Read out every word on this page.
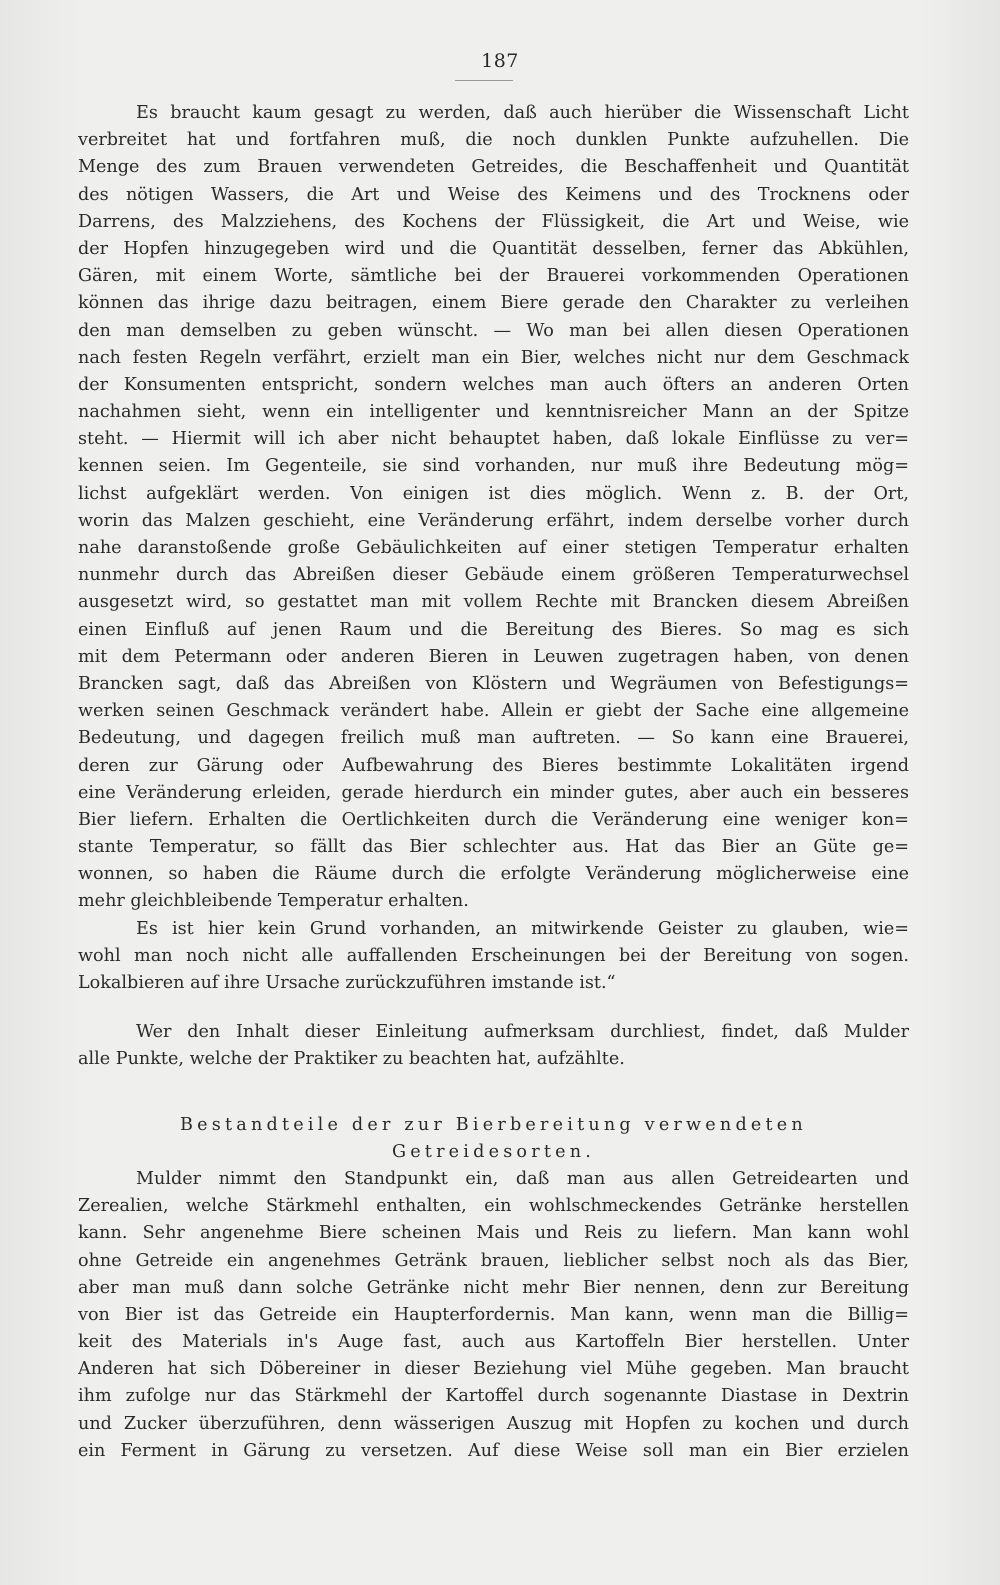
187
Es braucht kaum gesagt zu werden, daß auch hierüber die Wissenschaft Licht
verbreitet hat und fortfahren muß, die noch dunklen Punkte aufzuhellen. Die
Menge des zum Brauen verwendeten Getreides, die Beschaffenheit und Quantität
des nötigen Wassers, die Art und Weise des Keimens und des Trocknens oder
Darrens, des Malzziehens, des Kochens der Flüssigkeit, die Art und Weise, wie
der Hopfen hinzugegeben wird und die Quantität desselben, ferner das Abkühlen,
Gären, mit einem Worte, sämtliche bei der Brauerei vorkommenden Operationen
können das ihrige dazu beitragen, einem Biere gerade den Charakter zu verleihen
den man demselben zu geben wünscht. — Wo man bei allen diesen Operationen
nach festen Regeln verfährt, erzielt man ein Bier, welches nicht nur dem Geschmack
der Konsumenten entspricht, sondern welches man auch öfters an anderen Orten
nachahmen sieht, wenn ein intelligenter und kenntnisreicher Mann an der Spitze
steht. — Hiermit will ich aber nicht behauptet haben, daß lokale Einflüsse zu ver=
kennen seien. Im Gegenteile, sie sind vorhanden, nur muß ihre Bedeutung mög=
lichst aufgeklärt werden. Von einigen ist dies möglich. Wenn z. B. der Ort,
worin das Malzen geschieht, eine Veränderung erfährt, indem derselbe vorher durch
nahe daranstoßende große Gebäulichkeiten auf einer stetigen Temperatur erhalten
nunmehr durch das Abreißen dieser Gebäude einem größeren Temperaturwechsel
ausgesetzt wird, so gestattet man mit vollem Rechte mit Brancken diesem Abreißen
einen Einfluß auf jenen Raum und die Bereitung des Bieres. So mag es sich
mit dem Petermann oder anderen Bieren in Leuwen zugetragen haben, von denen
Brancken sagt, daß das Abreißen von Klöstern und Wegräumen von Befestigungs=
werken seinen Geschmack verändert habe. Allein er giebt der Sache eine allgemeine
Bedeutung, und dagegen freilich muß man auftreten. — So kann eine Brauerei,
deren zur Gärung oder Aufbewahrung des Bieres bestimmte Lokalitäten irgend
eine Veränderung erleiden, gerade hierdurch ein minder gutes, aber auch ein besseres
Bier liefern. Erhalten die Oertlichkeiten durch die Veränderung eine weniger kon=
stante Temperatur, so fällt das Bier schlechter aus. Hat das Bier an Güte ge=
wonnen, so haben die Räume durch die erfolgte Veränderung möglicherweise eine
mehr gleichbleibende Temperatur erhalten.
Es ist hier kein Grund vorhanden, an mitwirkende Geister zu glauben, wie=
wohl man noch nicht alle auffallenden Erscheinungen bei der Bereitung von sogen.
Lokalbieren auf ihre Ursache zurückzuführen imstande ist.“
Wer den Inhalt dieser Einleitung aufmerksam durchliest, findet, daß Mulder
alle Punkte, welche der Praktiker zu beachten hat, aufzählte.
Bestandteile der zur Bierbereitung verwendeten
Getreidesorten.
Mulder nimmt den Standpunkt ein, daß man aus allen Getreidearten und
Zerealien, welche Stärkmehl enthalten, ein wohlschmeckendes Getränke herstellen
kann. Sehr angenehme Biere scheinen Mais und Reis zu liefern. Man kann wohl
ohne Getreide ein angenehmes Getränk brauen, lieblicher selbst noch als das Bier,
aber man muß dann solche Getränke nicht mehr Bier nennen, denn zur Bereitung
von Bier ist das Getreide ein Haupterfordernis. Man kann, wenn man die Billig=
keit des Materials in's Auge fast, auch aus Kartoffeln Bier herstellen. Unter
Anderen hat sich Döbereiner in dieser Beziehung viel Mühe gegeben. Man braucht
ihm zufolge nur das Stärkmehl der Kartoffel durch sogenannte Diastase in Dextrin
und Zucker überzuführen, denn wässerigen Auszug mit Hopfen zu kochen und durch
ein Ferment in Gärung zu versetzen. Auf diese Weise soll man ein Bier erzielen
